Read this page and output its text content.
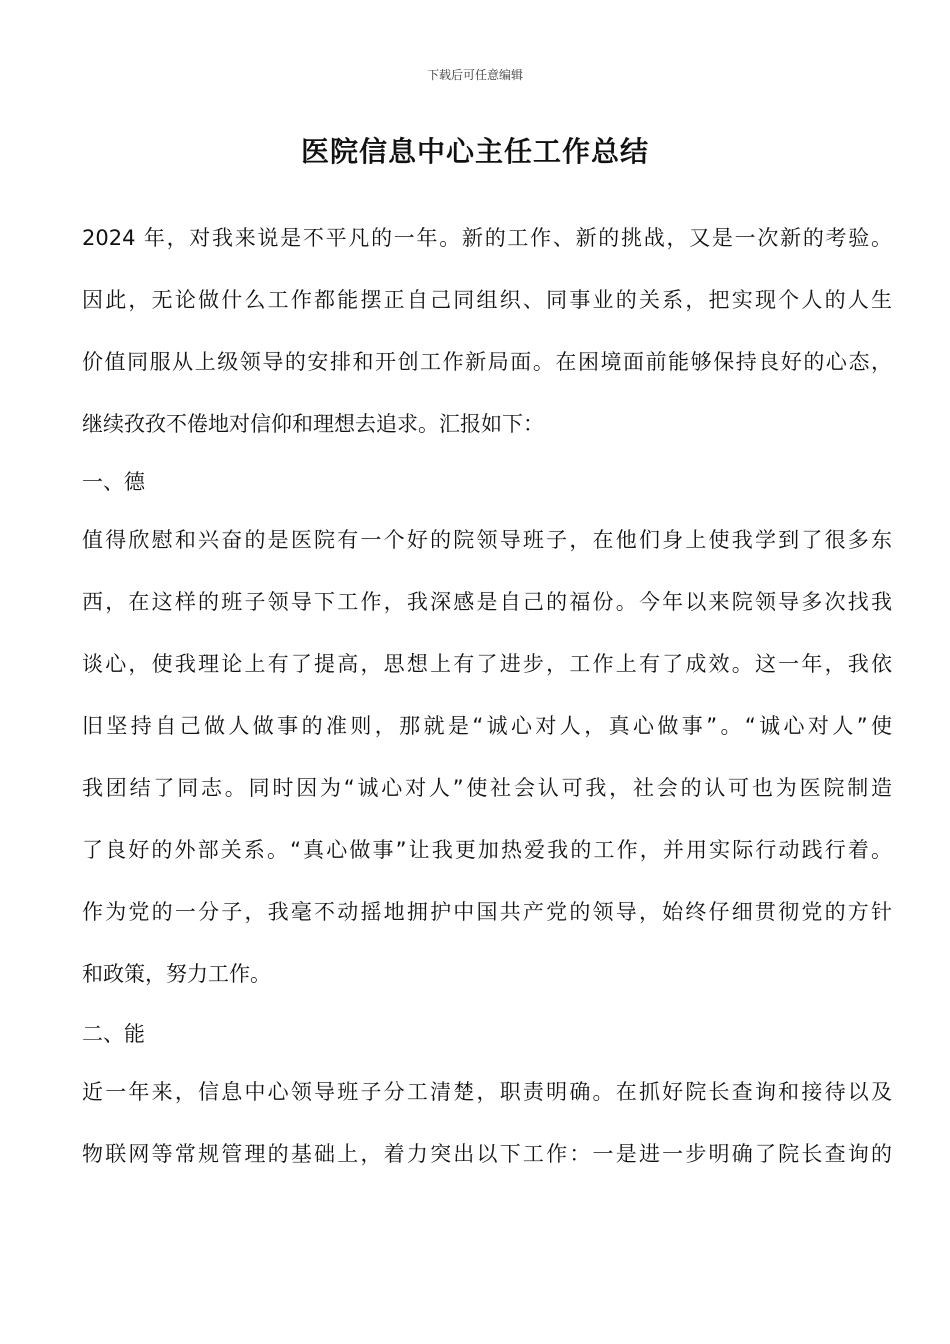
下载后可任意编辑
医院信息中心主任工作总结
2024 年，对我来说是不平凡的一年。新的工作、新的挑战，又是一次新的考验。
因此，无论做什么工作都能摆正自己同组织、同事业的关系，把实现个人的人生
价值同服从上级领导的安排和开创工作新局面。在困境面前能够保持良好的心态，
继续孜孜不倦地对信仰和理想去追求。汇报如下：
一、德
值得欣慰和兴奋的是医院有一个好的院领导班子，在他们身上使我学到了很多东
西，在这样的班子领导下工作，我深感是自己的福份。今年以来院领导多次找我
谈心，使我理论上有了提高，思想上有了进步，工作上有了成效。这一年，我依
旧坚持自己做人做事的准则，那就是“诚心对人，真心做事”。“诚心对人”使
我团结了同志。同时因为“诚心对人”使社会认可我，社会的认可也为医院制造
了良好的外部关系。“真心做事”让我更加热爱我的工作，并用实际行动践行着。
作为党的一分子，我毫不动摇地拥护中国共产党的领导，始终仔细贯彻党的方针
和政策，努力工作。
二、能
近一年来，信息中心领导班子分工清楚，职责明确。在抓好院长查询和接待以及
物联网等常规管理的基础上，着力突出以下工作：一是进一步明确了院长查询的
